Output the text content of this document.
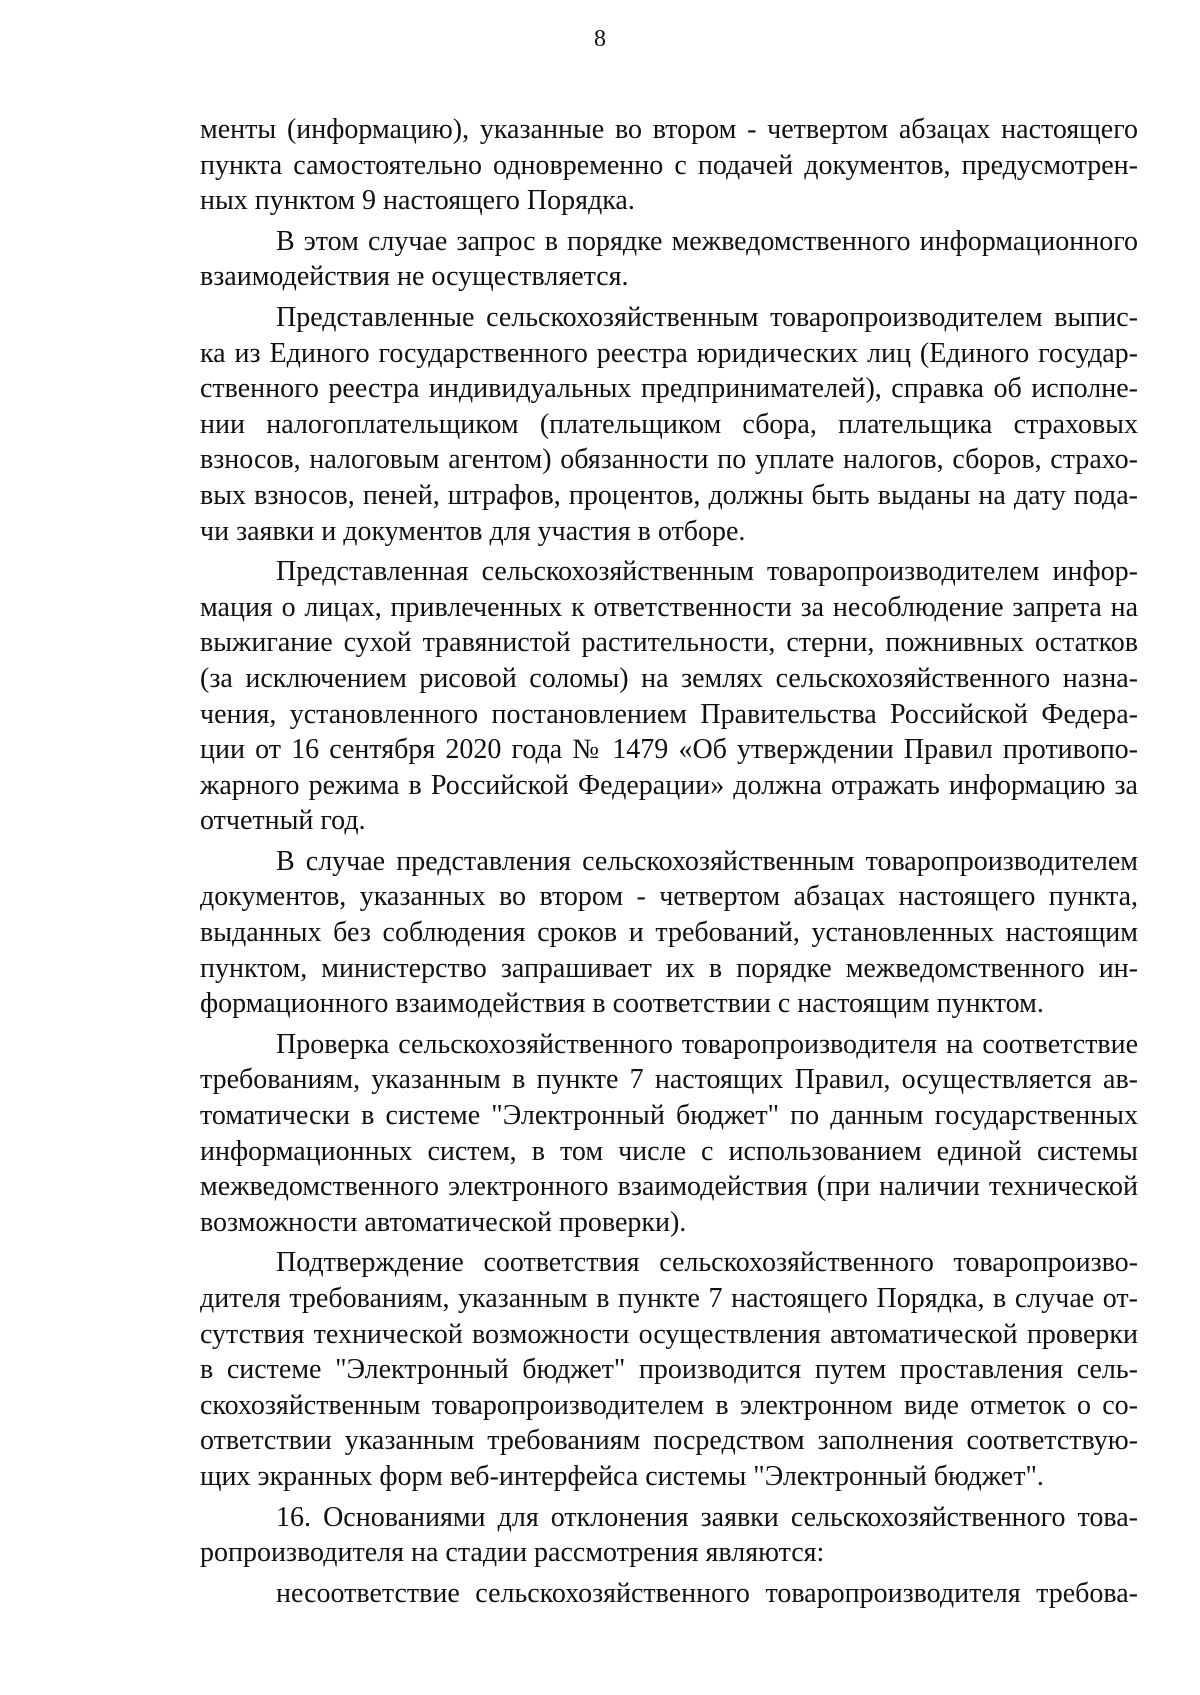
8
менты (информацию), указанные во втором - четвертом абзацах настоящего
пункта самостоятельно одновременно с подачей документов, предусмотрен-
ных пунктом 9 настоящего Порядка.
В этом случае запрос в порядке межведомственного информационного
взаимодействия не осуществляется.
Представленные сельскохозяйственным товаропроизводителем выпис-
ка из Единого государственного реестра юридических лиц (Единого государ-
ственного реестра индивидуальных предпринимателей), справка об исполне-
нии налогоплательщиком (плательщиком сбора, плательщика страховых
взносов, налоговым агентом) обязанности по уплате налогов, сборов, страхо-
вых взносов, пеней, штрафов, процентов, должны быть выданы на дату пода-
чи заявки и документов для участия в отборе.
Представленная сельскохозяйственным товаропроизводителем инфор-
мация о лицах, привлеченных к ответственности за несоблюдение запрета на
выжигание сухой травянистой растительности, стерни, пожнивных остатков
(за исключением рисовой соломы) на землях сельскохозяйственного назна-
чения, установленного постановлением Правительства Российской Федера-
ции от 16 сентября 2020 года № 1479 «Об утверждении Правил противопо-
жарного режима в Российской Федерации» должна отражать информацию за
отчетный год.
В случае представления сельскохозяйственным товаропроизводителем
документов, указанных во втором - четвертом абзацах настоящего пункта,
выданных без соблюдения сроков и требований, установленных настоящим
пунктом, министерство запрашивает их в порядке межведомственного ин-
формационного взаимодействия в соответствии с настоящим пунктом.
Проверка сельскохозяйственного товаропроизводителя на соответствие
требованиям, указанным в пункте 7 настоящих Правил, осуществляется ав-
томатически в системе "Электронный бюджет" по данным государственных
информационных систем, в том числе с использованием единой системы
межведомственного электронного взаимодействия (при наличии технической
возможности автоматической проверки).
Подтверждение соответствия сельскохозяйственного товаропроизво-
дителя требованиям, указанным в пункте 7 настоящего Порядка, в случае от-
сутствия технической возможности осуществления автоматической проверки
в системе "Электронный бюджет" производится путем проставления сель-
скохозяйственным товаропроизводителем в электронном виде отметок о со-
ответствии указанным требованиям посредством заполнения соответствую-
щих экранных форм веб-интерфейса системы "Электронный бюджет".
16. Основаниями для отклонения заявки сельскохозяйственного това-
ропроизводителя на стадии рассмотрения являются:
несоответствие сельскохозяйственного товаропроизводителя требова-
